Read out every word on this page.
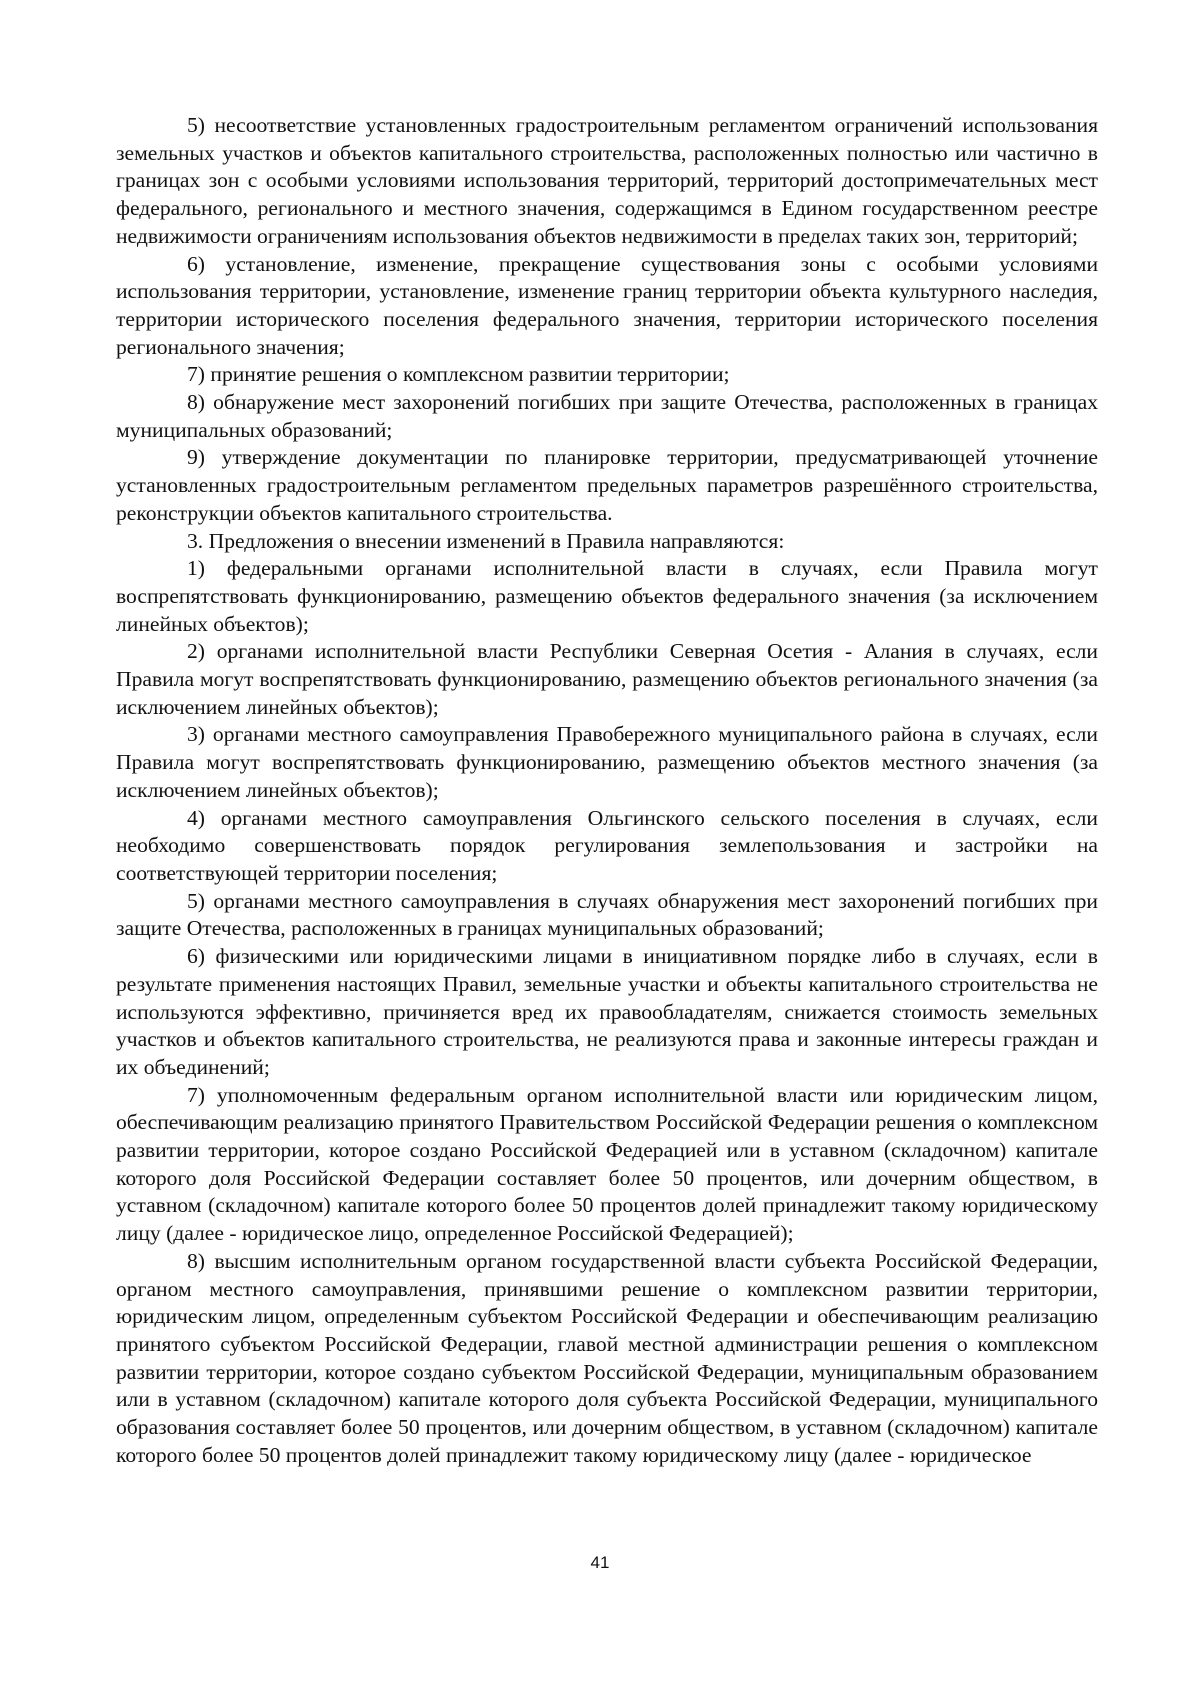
5) несоответствие установленных градостроительным регламентом ограничений использования земельных участков и объектов капитального строительства, расположенных полностью или частично в границах зон с особыми условиями использования территорий, территорий достопримечательных мест федерального, регионального и местного значения, содержащимся в Едином государственном реестре недвижимости ограничениям использования объектов недвижимости в пределах таких зон, территорий;

6) установление, изменение, прекращение существования зоны с особыми условиями использования территории, установление, изменение границ территории объекта культурного наследия, территории исторического поселения федерального значения, территории исторического поселения регионального значения;

7) принятие решения о комплексном развитии территории;

8) обнаружение мест захоронений погибших при защите Отечества, расположенных в границах муниципальных образований;

9) утверждение документации по планировке территории, предусматривающей уточнение установленных градостроительным регламентом предельных параметров разрешённого строительства, реконструкции объектов капитального строительства.

3. Предложения о внесении изменений в Правила направляются:

1) федеральными органами исполнительной власти в случаях, если Правила могут воспрепятствовать функционированию, размещению объектов федерального значения (за исключением линейных объектов);

2) органами исполнительной власти Республики Северная Осетия - Алания в случаях, если Правила могут воспрепятствовать функционированию, размещению объектов регионального значения (за исключением линейных объектов);

3) органами местного самоуправления Правобережного муниципального района в случаях, если Правила могут воспрепятствовать функционированию, размещению объектов местного значения (за исключением линейных объектов);

4) органами местного самоуправления Ольгинского сельского поселения в случаях, если необходимо совершенствовать порядок регулирования землепользования и застройки на соответствующей территории поселения;

5) органами местного самоуправления в случаях обнаружения мест захоронений погибших при защите Отечества, расположенных в границах муниципальных образований;

6) физическими или юридическими лицами в инициативном порядке либо в случаях, если в результате применения настоящих Правил, земельные участки и объекты капитального строительства не используются эффективно, причиняется вред их правообладателям, снижается стоимость земельных участков и объектов капитального строительства, не реализуются права и законные интересы граждан и их объединений;

7) уполномоченным федеральным органом исполнительной власти или юридическим лицом, обеспечивающим реализацию принятого Правительством Российской Федерации решения о комплексном развитии территории, которое создано Российской Федерацией или в уставном (складочном) капитале которого доля Российской Федерации составляет более 50 процентов, или дочерним обществом, в уставном (складочном) капитале которого более 50 процентов долей принадлежит такому юридическому лицу (далее - юридическое лицо, определенное Российской Федерацией);

8) высшим исполнительным органом государственной власти субъекта Российской Федерации, органом местного самоуправления, принявшими решение о комплексном развитии территории, юридическим лицом, определенным субъектом Российской Федерации и обеспечивающим реализацию принятого субъектом Российской Федерации, главой местной администрации решения о комплексном развитии территории, которое создано субъектом Российской Федерации, муниципальным образованием или в уставном (складочном) капитале которого доля субъекта Российской Федерации, муниципального образования составляет более 50 процентов, или дочерним обществом, в уставном (складочном) капитале которого более 50 процентов долей принадлежит такому юридическому лицу (далее - юридическое

41
